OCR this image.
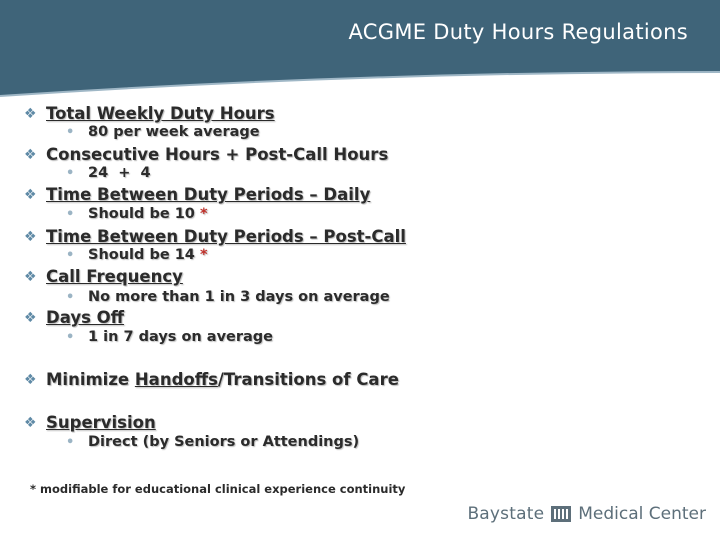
ACGME Duty Hours Regulations
❖ Total Weekly Duty Hours
• 80 per week average
❖ Consecutive Hours + Post-Call Hours
• 24  +  4
❖ Time Between Duty Periods – Daily
• Should be 10 *
❖ Time Between Duty Periods – Post-Call
• Should be 14 *
❖ Call Frequency
• No more than 1 in 3 days on average
❖ Days Off
• 1 in 7 days on average
❖ Minimize Handoffs/Transitions of Care
❖ Supervision
• Direct (by Seniors or Attendings)
* modifiable for educational clinical experience continuity
Baystate Medical Center
